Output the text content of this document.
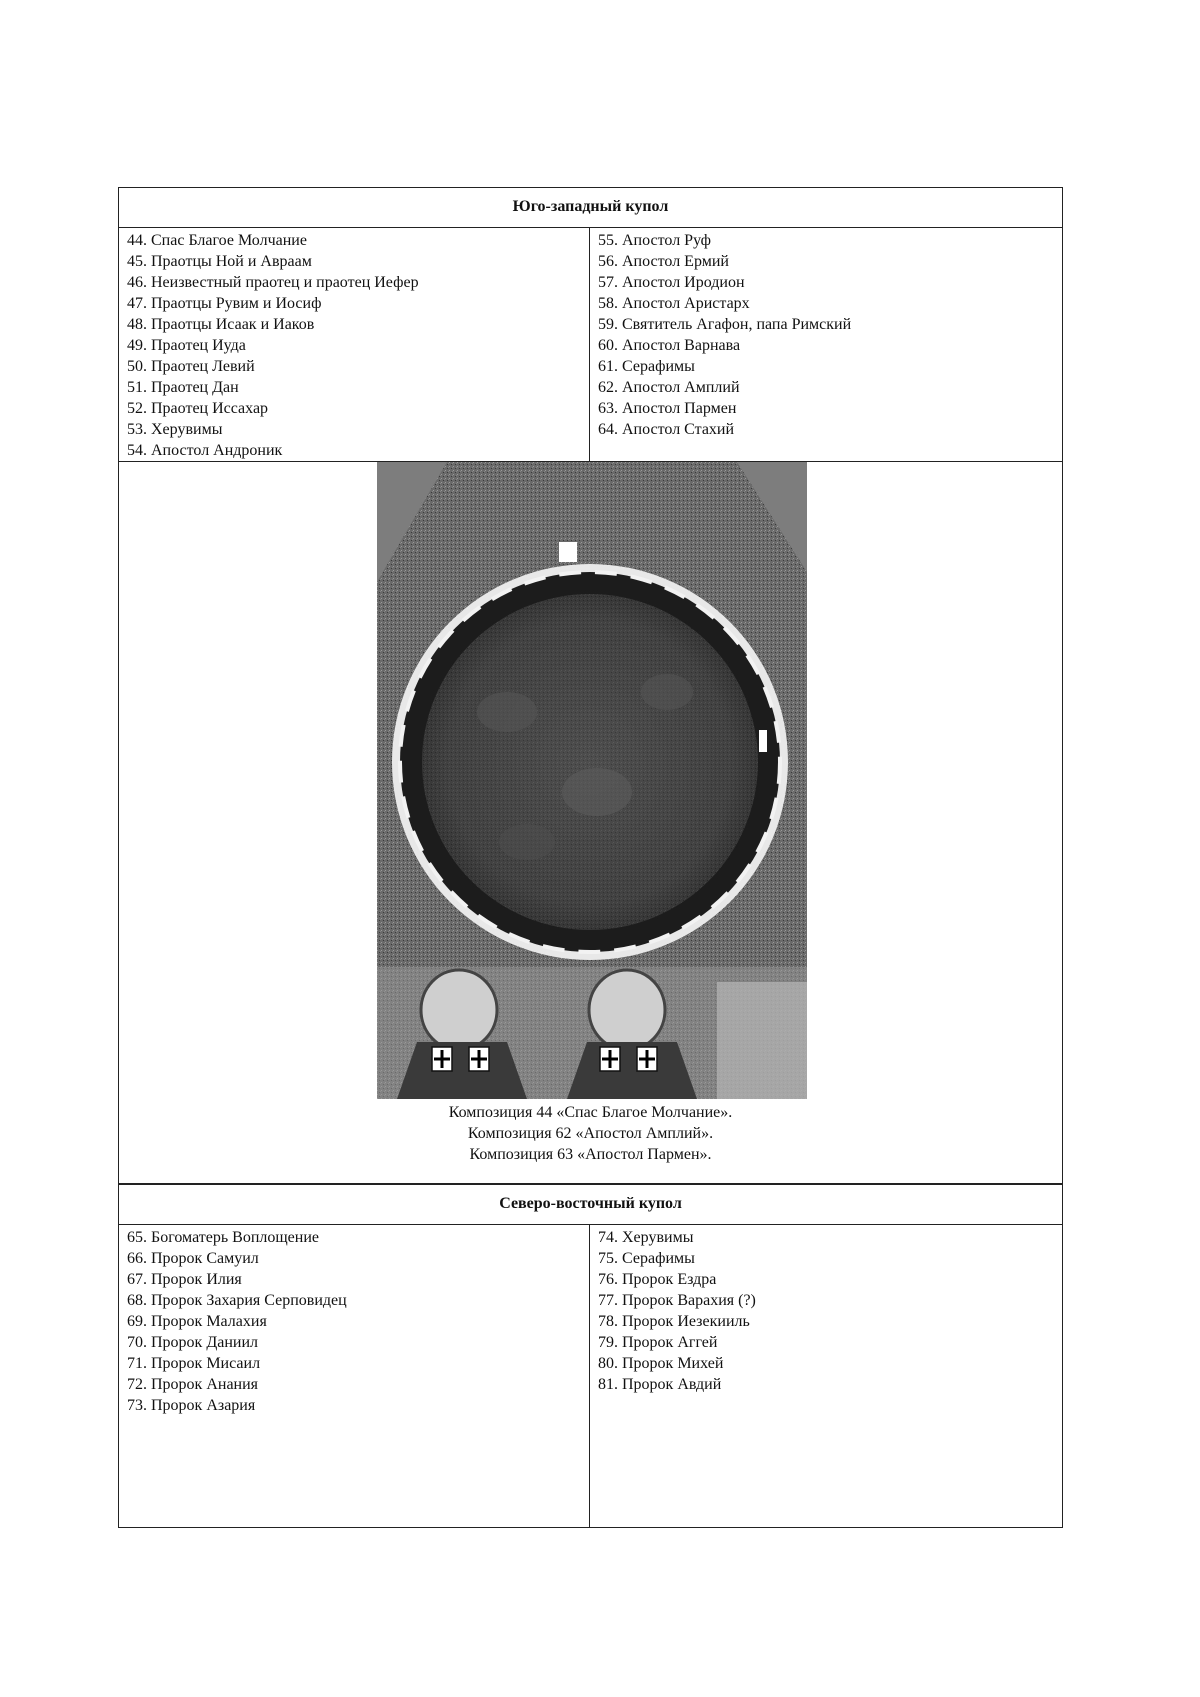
Юго-западный купол
44. Спас Благое Молчание
45. Праотцы Ной и Авраам
46. Неизвестный праотец и праотец Иефер
47. Праотцы Рувим и Иосиф
48. Праотцы Исаак и Иаков
49. Праотец Иуда
50. Праотец Левий
51. Праотец Дан
52. Праотец Иссахар
53. Херувимы
54. Апостол Андроник
55. Апостол Руф
56. Апостол Ермий
57. Апостол Иродион
58. Апостол Аристарх
59. Святитель Агафон, папа Римский
60. Апостол Варнава
61. Серафимы
62. Апостол Амплий
63. Апостол Пармен
64. Апостол Стахий
Композиция 44 «Спас Благое Молчание».
Композиция 62 «Апостол Амплий».
Композиция 63 «Апостол Пармен».
Северо-восточный купол
65. Богоматерь Воплощение
66. Пророк Самуил
67. Пророк Илия
68. Пророк Захария Серповидец
69. Пророк Малахия
70. Пророк Даниил
71. Пророк Мисаил
72. Пророк Анания
73. Пророк Азария
74. Херувимы
75. Серафимы
76. Пророк Ездра
77. Пророк Варахия (?)
78. Пророк Иезекииль
79. Пророк Аггей
80. Пророк Михей
81. Пророк Авдий
